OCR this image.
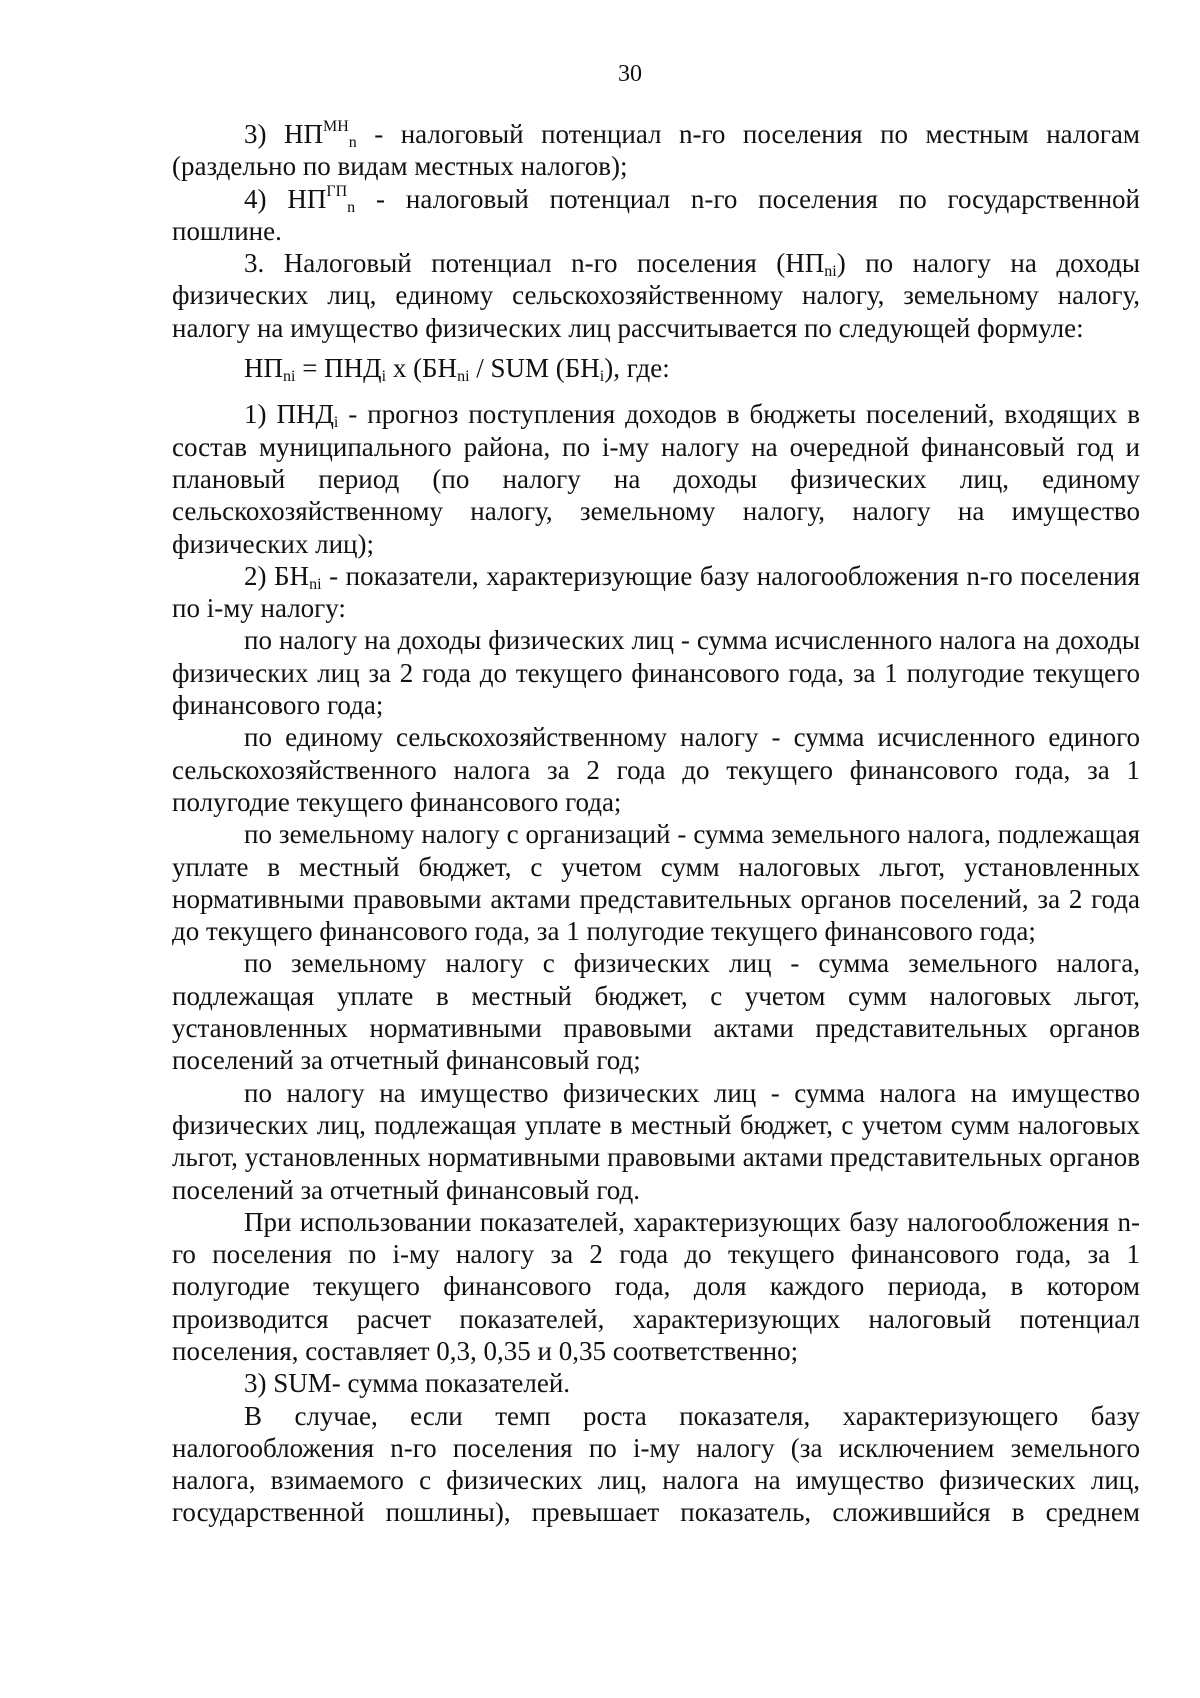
30

3) $НП^{МН}_n$ - налоговый потенциал n-го поселения по местным налогам (раздельно по видам местных налогов);

4) $НП^{ГП}_n$ - налоговый потенциал n-го поселения по государственной пошлине.

3. Налоговый потенциал n-го поселения $(НП_{ni})$ по налогу на доходы физических лиц, единому сельскохозяйственному налогу, земельному налогу, налогу на имущество физических лиц рассчитывается по следующей формуле:

$НП_{ni} = ПНД_i$ x ($БН_{ni}$ / SUM $(БН_i)$, где:

1) $ПНД_i$ - прогноз поступления доходов в бюджеты поселений, входящих в состав муниципального района, по i-му налогу на очередной финансовый год и плановый период (по налогу на доходы физических лиц, единому сельскохозяйственному налогу, земельному налогу, налогу на имущество физических лиц);

2) $БН_{ni}$ - показатели, характеризующие базу налогообложения n-го поселения по i-му налогу:

по налогу на доходы физических лиц - сумма исчисленного налога на доходы физических лиц за 2 года до текущего финансового года, за 1 полугодие текущего финансового года;

по единому сельскохозяйственному налогу - сумма исчисленного единого сельскохозяйственного налога за 2 года до текущего финансового года, за 1 полугодие текущего финансового года;

по земельному налогу с организаций - сумма земельного налога, подлежащая уплате в местный бюджет, с учетом сумм налоговых льгот, установленных нормативными правовыми актами представительных органов поселений, за 2 года до текущего финансового года, за 1 полугодие текущего финансового года;

по земельному налогу с физических лиц - сумма земельного налога, подлежащая уплате в местный бюджет, с учетом сумм налоговых льгот, установленных нормативными правовыми актами представительных органов поселений за отчетный финансовый год;

по налогу на имущество физических лиц - сумма налога на имущество физических лиц, подлежащая уплате в местный бюджет, с учетом сумм налоговых льгот, установленных нормативными правовыми актами представительных органов поселений за отчетный финансовый год.

При использовании показателей, характеризующих базу налогообложения n-го поселения по i-му налогу за 2 года до текущего финансового года, за 1 полугодие текущего финансового года, доля каждого периода, в котором производится расчет показателей, характеризующих налоговый потенциал поселения, составляет 0,3, 0,35 и 0,35 соответственно;

3) SUM- сумма показателей.

В случае, если темп роста показателя, характеризующего базу налогообложения n-го поселения по i-му налогу (за исключением земельного налога, взимаемого с физических лиц, налога на имущество физических лиц, государственной пошлины), превышает показатель, сложившийся в среднем
